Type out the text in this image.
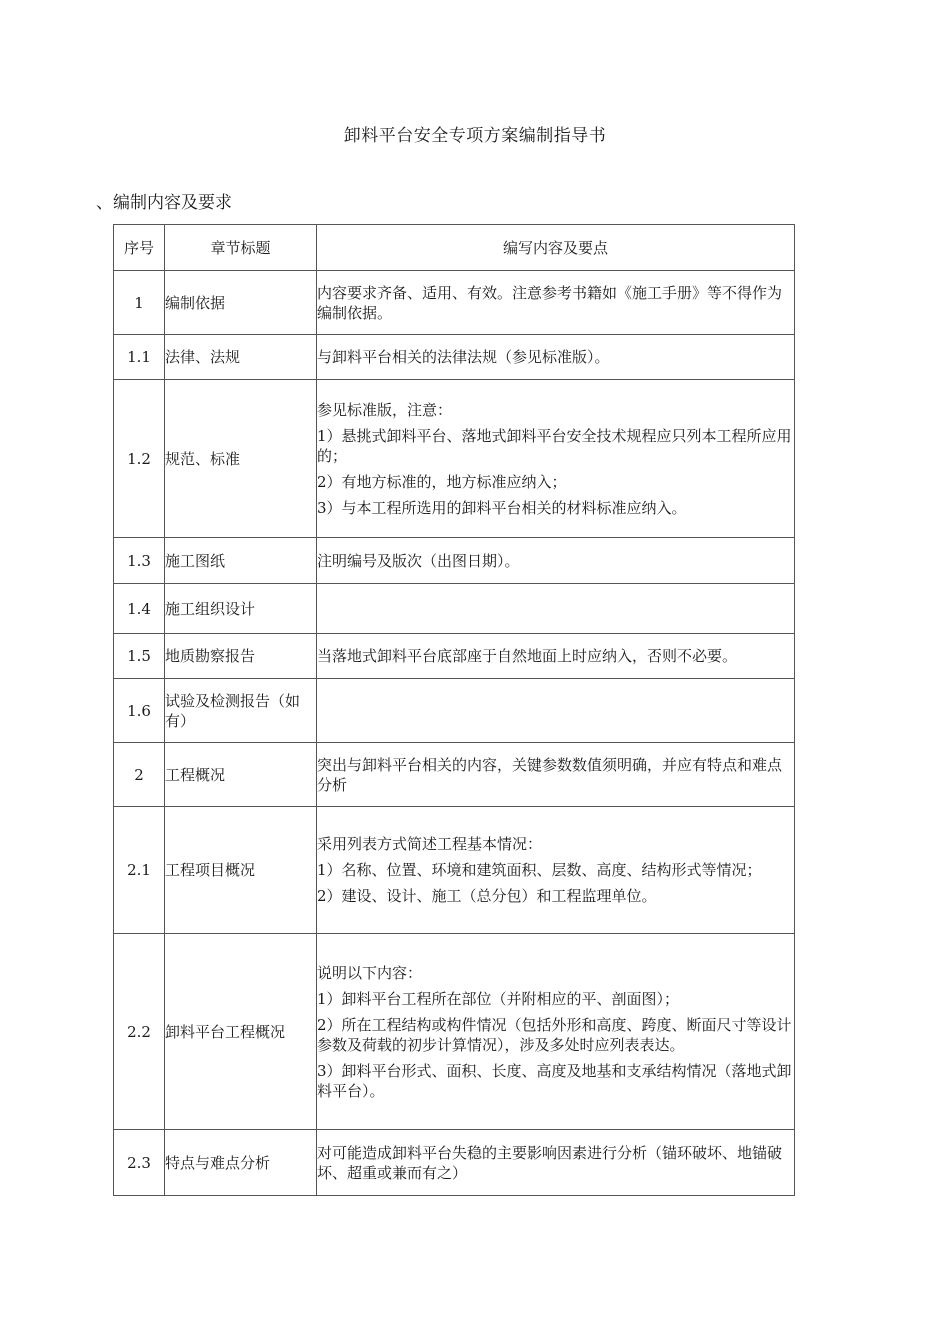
卸料平台安全专项方案编制指导书
、编制内容及要求
序号	章节标题	编写内容及要点
1	编制依据	内容要求齐备、适用、有效。注意参考书籍如《施工手册》等不得作为编制依据。

1.1	法律、法规	与卸料平台相关的法律法规（参见标准版）。

1.2	规范、标准	参见标准版，注意：

1）悬挑式卸料平台、落地式卸料平台安全技术规程应只列本工程所应用的；

2）有地方标准的，地方标准应纳入；

3）与本工程所选用的卸料平台相关的材料标准应纳入。

1.3	施工图纸	注明编号及版次（出图日期）。

1.4	施工组织设计	
1.5	地质勘察报告	当落地式卸料平台底部座于自然地面上时应纳入，否则不必要。

1.6	试验及检测报告（如有）	
2	工程概况	突出与卸料平台相关的内容，关键参数数值须明确，并应有特点和难点分析

2.1	工程项目概况	采用列表方式简述工程基本情况：

1）名称、位置、环境和建筑面积、层数、高度、结构形式等情况；

2）建设、设计、施工（总分包）和工程监理单位。

2.2	卸料平台工程概况	说明以下内容：

1）卸料平台工程所在部位（并附相应的平、剖面图）；

2）所在工程结构或构件情况（包括外形和高度、跨度、断面尺寸等设计参数及荷载的初步计算情况），涉及多处时应列表表达。

3）卸料平台形式、面积、长度、高度及地基和支承结构情况（落地式卸料平台）。

2.3	特点与难点分析	对可能造成卸料平台失稳的主要影响因素进行分析（锚环破坏、地锚破坏、超重或兼而有之）
